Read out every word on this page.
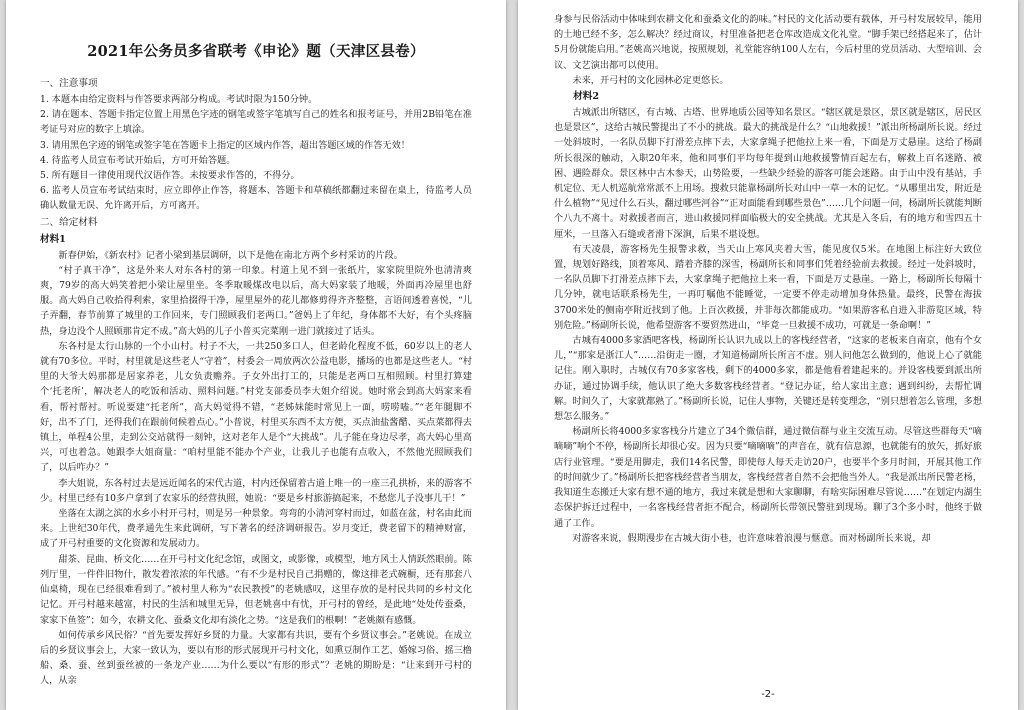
2021年公务员多省联考《申论》题（天津区县卷）
一、注意事项

1. 本题本由给定资料与作答要求两部分构成。考试时限为150分钟。

2. 请在题本、答题卡指定位置上用黑色字迹的钢笔或签字笔填写自己的姓名和报考证号，并用2B铅笔在准考证号对应的数字上填涂。

3. 请用黑色字迹的钢笔或签字笔在答题卡上指定的区域内作答，超出答题区域的作答无效！

4. 待监考人员宣布考试开始后，方可开始答题。

5. 所有题目一律使用现代汉语作答。未按要求作答的，不得分。

6. 监考人员宣布考试结束时，应立即停止作答，将题本、答题卡和草稿纸都翻过来留在桌上，待监考人员确认数量无误、允许离开后，方可离开。

二、给定材料
材料1

新春伊始，《新农村》记者小梁到基层调研，以下是他在南北方两个乡村采访的片段。

“村子真干净”，这是外来人对东各村的第一印象。村道上见不到一张纸片，家家院里院外也清清爽爽，79岁的高大妈笑着把小梁让屋里坐。冬季取暖煤改电以后，高大妈家装了地暖，外面再冷屋里也舒服。高大妈自己收拾得利索，家里拾掇得干净，屋里屋外的花儿都修剪得齐齐整整，言语间透着喜悦，“儿子弄翻，春节前算了城里的工作回来，专门照顾我们老两口。”爸妈上了年纪，身体都不大好，有个头疼脑热，身边没个人照顾那肯定不成。”高大妈的儿子小普买完菜刚一进门就接过了话头。

东各村是太行山脉的一个小山村。村子不大，一共250多口人，但老龄化程度不低，60岁以上的老人就有70多位。平时，村里就是这些老人“守着”，村委会一周放两次公益电影，播场的也都是这些老人。“村里的大爷大妈那都是居家养老，儿女负责赡养。子女外出打工的，只能是老两口互相照顾。村里打算建个‘托老所’，解决老人的吃饭和活动、照料问题。”村党支部委员李大姐介绍说。她时常会到高大妈家来看看，帮衬帮衬。听说要建“托老所”，高大妈觉得不错，“老姊妹能时常见上一面，唠唠嗑。”“老年腿脚不好，出不了门，还得我们在跟前伺候着点心。”小普说，村里买东西不太方便，买点油盐酱醋、买点菜都得去镇上，单程4公里，走到公交站就得一刻钟，这对老年人是个“大挑战”。儿子能在身边尽孝，高大妈心里高兴，可也着急。她跟李大姐商量：“咱村里能不能办个产业，让我儿子也能有点收入，不然他光照顾我们了，以后咋办？”

李大姐说，东各村过去是远近闻名的宋代古道，村内还保留着古道上唯一的一座三孔拱桥，来的游客不少。村里已经有10多户拿到了农家乐的经营执照，她说：“要是乡村旅游搞起来，不愁您儿子没事儿干！”

坐落在太湖之滨的水乡小村开弓村，则是另一种景象。弯弯的小清河穿村而过，如蓝在盆，村名由此而来。上世纪30年代，费孝通先生来此调研，写下著名的经济调研报告。岁月变迁，费老留下的精神财富，成了开弓村重要的文化资源和发展动力。

甜茶、昆曲、桥文化……在开弓村文化纪念馆，或图文，或影像，或模型，地方风土人情跃然眼前。陈列厅里，一件件旧物什，散发着浓浓的年代感。“有不少是村民自己捐赠的，像这排老式碗橱，还有那套八仙桌椅，现在已经很难看到了。”被村里人称为“农民教授”的老姚感叹，这里存放的是村民共同的乡村文化记忆。开弓村越来越富，村民的生活和城里无异，但老姚喜中有忧，开弓村的曾经，是此地“处处传蚕桑，家家下鱼签”；如今，农耕文化、蚕桑文化却有淡化之势。“这是我们的根啊！”老姚颇有感慨。

如何传承乡风民俗？“首先要发挥好乡贤的力量。大家都有共识，要有个乡贤议事会。”老姚说。在成立后的乡贤议事会上，大家一致认为，要以有形的形式展现开弓村文化，如熏豆制作工艺、婚嫁习俗、摇三橹船、桑、蚕、丝到蚕丝被的一条龙产业……为什么要以“有形的形式”？老姚的期盼是：“让来到开弓村的人，从亲

身参与民俗活动中体味到农耕文化和蚕桑文化的韵味。”村民的文化活动要有载体，开弓村发展较早，能用的土地已经不多，怎么解决？经过商议，村里准备把老仓库改造成文化礼堂。“脚手架已经搭起来了，估计5月份就能启用。”老姚高兴地说，按照规划，礼堂能容纳100人左右，今后村里的党员活动、大型培训、会议、文艺演出都可以使用。

未来，开弓村的文化园林必定更悠长。

材料2

古城派出所辖区，有古城、古塔、世界地质公园等知名景区。“辖区就是景区，景区就是辖区，居民区也是景区”，这给古城民警提出了不小的挑战。最大的挑战是什么？“山地救援！”派出所杨副所长说。经过一处斜坡时，一名队员脚下打滑差点摔下去，大家拿绳子把他拉上来一看，下面是万丈悬崖。这给了杨副所长很深的触动，入职20年来，他和同事们平均每年提到山地救援警情百起左右，解救上百名迷路、被困、遇险群众。景区林中古木参天，山势险要，一些缺少经验的游客可能会迷路。由于山中没有基站，手机定位、无人机巡航常常派不上用场。搜救只能靠杨副所长对山中一草一木的记忆。“从哪里出发，附近是什么植物”“见过什么石头，翻过哪些河谷”“正对面能看到哪些景色”……几个问题一问，杨副所长就能判断个八九不离十。对救援者而言，进山救援同样面临极大的安全挑战。尤其是入冬后，有的地方和雪四五十厘米，一旦落入石缝或者滑下深涧，后果不堪设想。

有天凌晨，游客杨先生报警求救，当天山上寒风夹着大雪，能见度仅5米。在地图上标注好大致位置，规划好路线，顶着寒风、踏着齐膝的深雪，杨副所长和同事们凭着经验前去救援。经过一处斜坡时，一名队员脚下打滑差点摔下去，大家拿绳子把他拉上来一看，下面是万丈悬崖。一路上，杨副所长每隔十几分钟，就电话联系杨先生，一再叮嘱他不能睡觉，一定要不停走动增加身体热量。最终，民警在海拔3700米处的侧南亭附近找到了他。上百次救援，并非每次都能成功。“如果游客私自进入非游览区域，特别危险。”杨副所长说，他希望游客不要贸然进山，“毕竟一旦救援不成功，可就是一条命啊！”

古城有4000多家酒吧客栈，杨副所长认识九成以上的客栈经营者，“这家的老板来自南京，他有个女儿，”“那家是浙江人”……沿街走一圈，才知道杨副所长所言不虚。别人问他怎么做到的，他说上心了就能记住。刚入职时，古城仅有70多家客栈，剩下的4000多家，都是他看着建起来的。并设客栈要到派出所办证，通过协调手续，他认识了绝大多数客栈经营者。“登记办证，给人家出主意；遇到纠纷，去帮忙调解。时间久了，大家就都熟了。”杨副所长说，记住人事物，关键还是转变理念，“别只想着怎么管理，多想想怎么服务。”

杨副所长将4000多家客栈分片建立了34个微信群，通过微信群与业主交流互动。尽管这些群每天“嘀嘀嘀”响个不停，杨副所长却很心安。因为只要“嘀嘀嘀”的声音在，就有信息源，也就能有的放矢，抓好旅店行业管理。“要是用脚走，我们14名民警，即使每人每天走访20户，也要半个多月时间，开展其他工作的时间就少了。”杨副所长把客栈经营者当朋友，客栈经营者自然不会把他当外人。“我是派出所民警老杨，我知道生态搬迁大家有想不通的地方，我过来就是想和大家聊聊，有啥实际困难尽管说……”在划定内湖生态保护拆迁过程中，一名客栈经营者拒不配合，杨副所长带领民警驻到现场。聊了3个多小时，他终于做通了工作。

对游客来说，假期漫步在古城大街小巷，也许意味着浪漫与惬意。而对杨副所长来说，却

-2-
